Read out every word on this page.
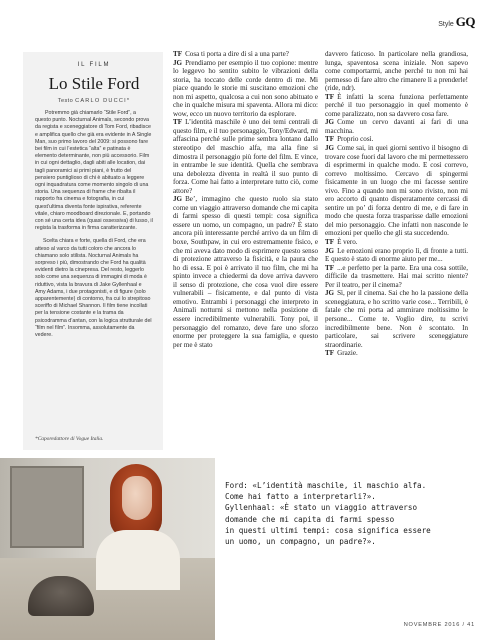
Style GQ
IL FILM
Lo Stile Ford
Testo CARLO DUCCI*

Potremmo già chiamarlo “Stile Ford”, a questo punto. Nocturnal Animals, secondo prova da regista e sceneggiatore di Tom Ford, ribadisce e amplifica quello che già era evidente in A Single Man, suo primo lavoro del 2009: si possono fare bei film in cui l’estetica “alta” e patinata è elemento determinante, non più accessorio. Film in cui ogni dettaglio, dagli abiti alle location, dai tagli panoramici ai primi piani, è frutto del pensiero puntiglioso di chi è abituato a leggere ogni inquadratura come momento singolo di una storia. Una sequenza di frame che ribalta il rapporto fra cinema e fotografia, in cui quest’ultima diventa fonte ispirativa, referente vitale, chiaro moodboard direzionale. E, portando con sé una certa idea (quasi ossessiva) di lusso, il regista la trasforma in firma caratterizzante.

Scelta chiara e forte, quella di Ford, che era atteso al varco da tutti coloro che ancora lo chiamano solo stilista. Nocturnal Animals ha sorpreso i più, dimostrando che Ford ha qualità evidenti dietro la cinepresa. Del resto, leggerlo solo come una sequenza di immagini di moda è riduttivo, vista la bravura di Jake Gyllenhaal e Amy Adams, i due protagonisti, e di figure (solo apparentemente) di contorno, fra cui lo strepitoso sceriffo di Michael Shannon. Il film tiene incollati per la tensione costante e la trama da psicodramma d’antan, con la logica strutturale del “film nel film”. Insomma, assolutamente da vedere.

*Caporedattore di Vogue Italia.

TF Cosa ti porta a dire di sì a una parte?

JG Prendiamo per esempio il tuo copione: mentre lo leggevo ho sentito subito le vibrazioni della storia, ha toccato delle corde dentro di me. Mi piace quando le storie mi suscitano emozioni che non mi aspetto, qualcosa a cui non sono abituato e che in qualche misura mi spaventa. Allora mi dico: wow, ecco un nuovo territorio da esplorare.

TF L’identità maschile è uno dei temi centrali di questo film, e il tuo personaggio, Tony/Edward, mi affascina perché sulle prime sembra lontano dallo stereotipo del maschio alfa, ma alla fine si dimostra il personaggio più forte del film. E vince, in entrambe le sue identità. Quella che sembrava una debolezza diventa in realtà il suo punto di forza. Come hai fatto a interpretare tutto ciò, come attore?

JG Be’, immagino che questo ruolo sia stato come un viaggio attraverso domande che mi capita di farmi spesso di questi tempi: cosa significa essere un uomo, un compagno, un padre? È stato ancora più interessante perché arrivo da un film di boxe, Southpaw, in cui ero estremamente fisico, e che mi aveva dato modo di esprimere questo senso di protezione attraverso la fisicità, e la paura che ho di essa. E poi è arrivato il tuo film, che mi ha spinto invece a chiedermi da dove arriva davvero il senso di protezione, che cosa vuol dire essere vulnerabili – fisicamente, e dal punto di vista emotivo. Entrambi i personaggi che interpreto in Animali notturni si mettono nella posizione di essere incredibilmente vulnerabili. Tony poi, il personaggio del romanzo, deve fare uno sforzo enorme per proteggere la sua famiglia, e questo per me è stato

davvero faticoso. In particolare nella grandiosa, lunga, spaventosa scena iniziale. Non sapevo come comportarmi, anche perché tu non mi hai permesso di fare altro che rimanere lì a prenderle! (ride, ndr).

TF È infatti la scena funziona perfettamente perché il tuo personaggio in quel momento è come paralizzato, non sa davvero cosa fare.

JG Come un cervo davanti ai fari di una macchina.

TF Proprio così.

JG Come sai, in quei giorni sentivo il bisogno di trovare cose fuori dal lavoro che mi permettessero di esprimermi in qualche modo. E così correvo, correvo moltissimo. Cercavo di spingermi fisicamente in un luogo che mi facesse sentire vivo. Fino a quando non mi sono rivisto, non mi ero accorto di quanto disperatamente cercassi di sentire un po’ di forza dentro di me, e di fare in modo che questa forza trasparisse dalle emozioni del mio personaggio. Che infatti non nasconde le emozioni per quello che gli sta succedendo.

TF È vero.

JG Le emozioni erano proprio lì, di fronte a tutti. E questo è stato di enorme aiuto per me...

TF ...e perfetto per la parte. Era una cosa sottile, difficile da trasmettere. Hai mai scritto niente? Per il teatro, per il cinema?

JG Sì, per il cinema. Sai che ho la passione della sceneggiatura, e ho scritto varie cose... Terribili, è fatale che mi porta ad ammirare moltissimo le persone... Come te. Voglio dire, tu scrivi incredibilmente bene. Non è scontato. In particolare, sai scrivere sceneggiature straordinarie.

TF Grazie.

Ford: «L’identità maschile, il maschio alfa.
Come hai fatto a interpretarli?».
Gyllenhaal: «È stato un viaggio attraverso
domande che mi capita di farmi spesso
in questi ultimi tempi: cosa significa essere
un uomo, un compagno, un padre?».
NOVEMBRE 2016 / 41
